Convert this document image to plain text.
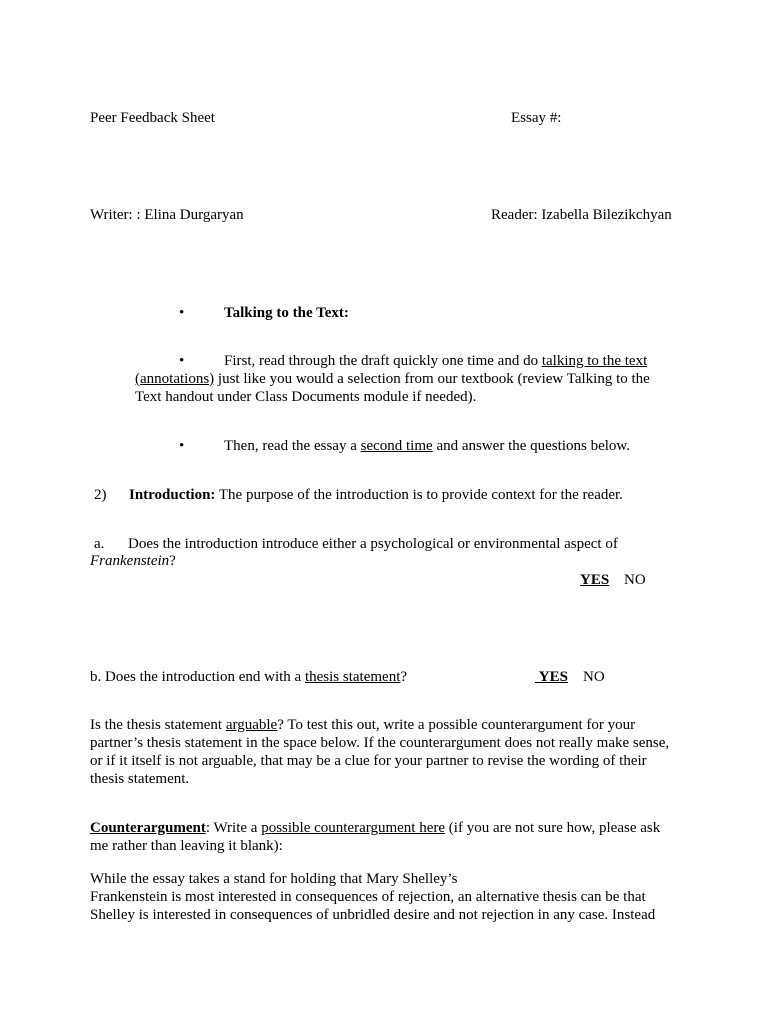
Peer Feedback Sheet	Essay #:
Writer: : Elina Durgaryan	Reader: Izabella Bilezikchyan
•	Talking to the Text:
•	First, read through the draft quickly one time and do talking to the text
(annotations) just like you would a selection from our textbook (review Talking to the
Text handout under Class Documents module if needed).
•	Then, read the essay a second time and answer the questions below.
2) Introduction: The purpose of the introduction is to provide context for the reader.
a. Does the introduction introduce either a psychological or environmental aspect of
Frankenstein?
YES NO
b. Does the introduction end with a thesis statement?	YES NO
Is the thesis statement arguable? To test this out, write a possible counterargument for your
partner’s thesis statement in the space below. If the counterargument does not really make sense,
or if it itself is not arguable, that may be a clue for your partner to revise the wording of their
thesis statement.
Counterargument: Write a possible counterargument here (if you are not sure how, please ask
me rather than leaving it blank):
While the essay takes a stand for holding that Mary Shelley’s
Frankenstein is most interested in consequences of rejection, an alternative thesis can be that
Shelley is interested in consequences of unbridled desire and not rejection in any case. Instead
